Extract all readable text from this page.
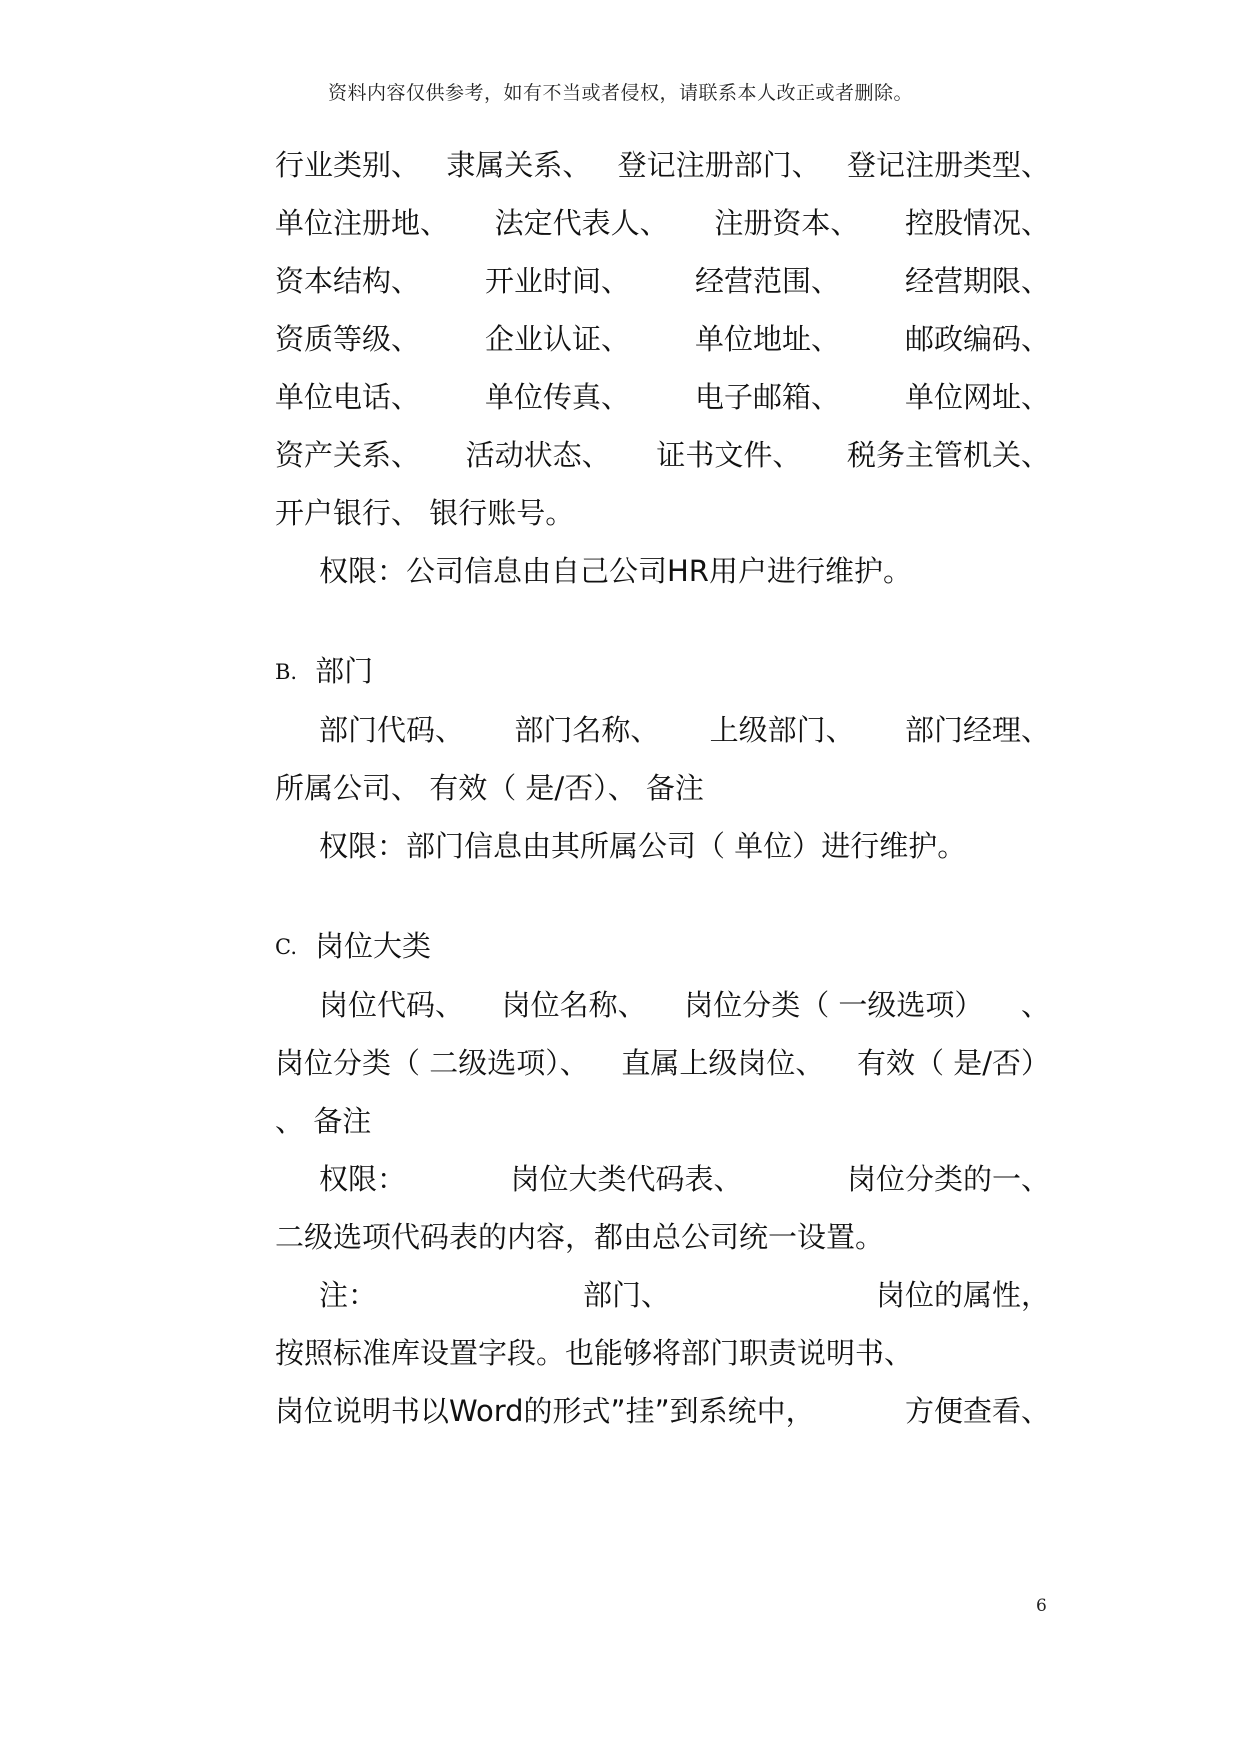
资料内容仅供参考，如有不当或者侵权，请联系本人改正或者删除。
行业类别、 隶属关系、 登记注册部门、 登记注册类型、
单位注册地、 法定代表人、 注册资本、 控股情况、
资本结构、 开业时间、 经营范围、 经营期限、
资质等级、 企业认证、 单位地址、 邮政编码、
单位电话、 单位传真、 电子邮箱、 单位网址、
资产关系、 活动状态、 证书文件、 税务主管机关、
开户银行、 银行账号。
权限：公司信息由自己公司HR用户进行维护。
B. 部门
部门代码、 部门名称、 上级部门、 部门经理、
所属公司、 有效（ 是/否）、 备注
权限：部门信息由其所属公司（ 单位）进行维护。
C. 岗位大类
岗位代码、 岗位名称、 岗位分类（ 一级选项） 、
岗位分类（ 二级选项）、 直属上级岗位、 有效（ 是/否）
、 备注
权限：	岗位大类代码表、	岗位分类的一、
二级选项代码表的内容，都由总公司统一设置。
注：	部门、	岗位的属性，
按照标准库设置字段。也能够将部门职责说明书、
岗位说明书以Word的形式”挂”到系统中，	方便查看、
6
